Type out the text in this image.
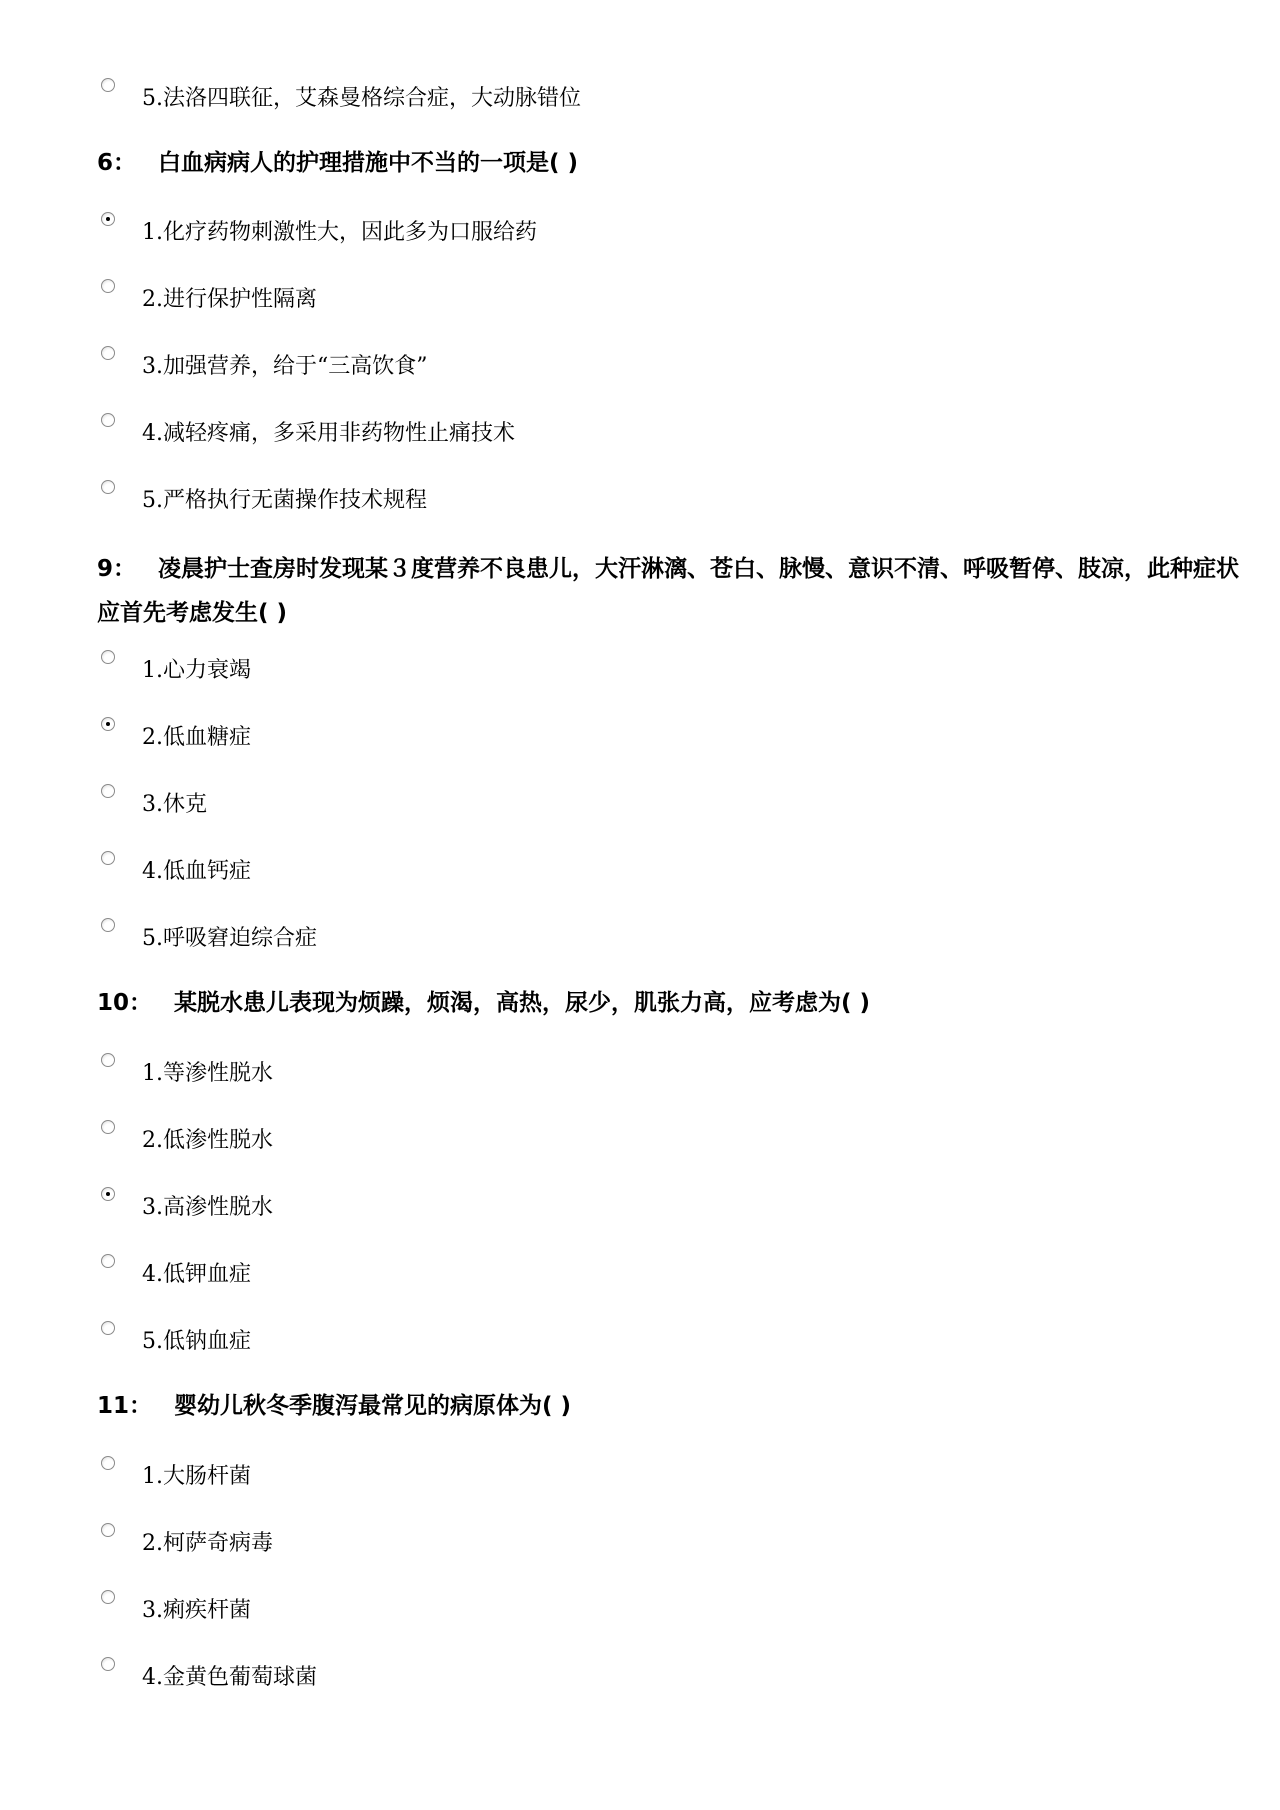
5.法洛四联征，艾森曼格综合症，大动脉错位

6： 白血病病人的护理措施中不当的一项是( )

1.化疗药物刺激性大，因此多为口服给药
2.进行保护性隔离
3.加强营养，给于“三高饮食”
4.减轻疼痛，多采用非药物性止痛技术
5.严格执行无菌操作技术规程

9： 凌晨护士查房时发现某３度营养不良患儿，大汗淋漓、苍白、脉慢、意识不清、呼吸暂停、肢凉，此种症状应首先考虑发生( )

1.心力衰竭
2.低血糖症
3.休克
4.低血钙症
5.呼吸窘迫综合症

10： 某脱水患儿表现为烦躁，烦渴，高热，尿少，肌张力高，应考虑为( )

1.等渗性脱水
2.低渗性脱水
3.高渗性脱水
4.低钾血症
5.低钠血症

11： 婴幼儿秋冬季腹泻最常见的病原体为( )

1.大肠杆菌
2.柯萨奇病毒
3.痢疾杆菌
4.金黄色葡萄球菌
